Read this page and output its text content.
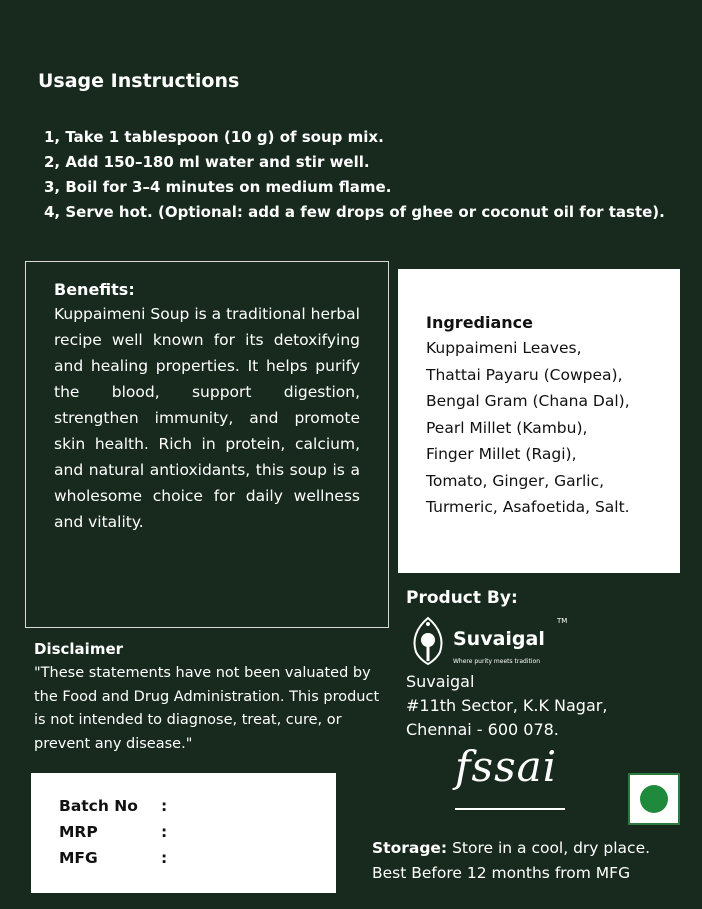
Usage Instructions
1, Take 1 tablespoon (10 g) of soup mix.
2, Add 150–180 ml water and stir well.
3, Boil for 3–4 minutes on medium flame.
4, Serve hot. (Optional: add a few drops of ghee or coconut oil for taste).
Benefits:

Kuppaimeni Soup is a traditional herbal recipe well known for its detoxifying and healing properties. It helps purify the blood, support digestion, strengthen immunity, and promote skin health. Rich in protein, calcium, and natural antioxidants, this soup is a wholesome choice for daily wellness and vitality.

Ingrediance
Kuppaimeni Leaves,
Thattai Payaru (Cowpea),
Bengal Gram (Chana Dal),
Pearl Millet (Kambu),
Finger Millet (Ragi),
Tomato, Ginger, Garlic,
Turmeric, Asafoetida, Salt.
Product By:
Suvaigal
TM
Where purity meets tradition
Suvaigal
#11th Sector, K.K Nagar,
Chennai - 600 078.
Disclaimer

"These statements have not been valuated by the Food and Drug Administration. This product is not intended to diagnose, treat, cure, or prevent any disease."

Batch No	:
MRP	:
MFG	:
fssai
Storage: Store in a cool, dry place.
Best Before 12 months from MFG
